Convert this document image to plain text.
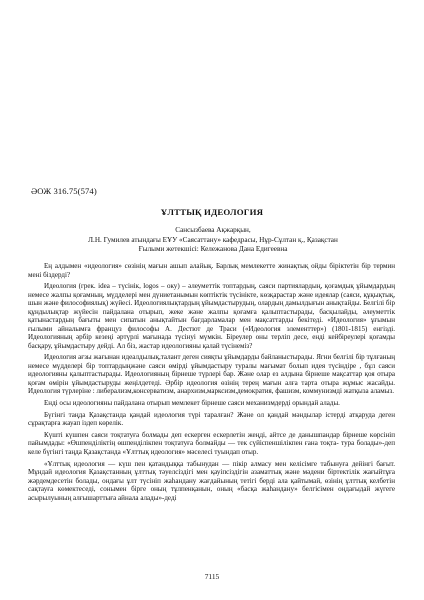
ӘОЖ 316.75(574)
ҰЛТТЫҚ ИДЕОЛОГИЯ
Сансызбаева Ақжарқын,
Л.Н. Гумилев атындағы ЕҰУ «Саясаттану» кафедрасы, Нұр-Сұлтан қ., Қазақстан
Ғылыми жетекшісі: Кележанова Дана Едигеевна

Ең алдымен «идеология» сөзінің мағын ашып алайық. Барлық мемлекетте жинақтық ойды біріктетін бір термин мені біздерді?

Идеология (грек. idea – түсінік, logos – оку) – әлеуметтік топтардың, саяси партиялардың, қоғамдық ұйымдардың немесе жалпы қоғамның, мүдделері мен дүниетанымын көптіктік түсінікте, көзқарастар және идеялар (саяси, құқықтық, шын және философиялық) жүйесі. Идеологиялықтардың ұйымдастырудың, олардың дамылдығын анықтайды. Белгілі бір құндылықтар жүйесін пайдалана отырып, жеке және жалпы қоғамға қалыптастырады, басқылайды, әлеуметтік қатынастардың бағыты мен сипатын анықтайтын бағдарламалар мен мақсаттарды бекітеді. «Идеология» ұғымын ғылыми айналымға француз философы А. Дестют де Траси («Идеология элементтер») (1801-1815) енгізді. Идеологияның әрбір кезеңі әртүрлі мағынада түсінуі мүмкін. Біреулер оны терліп десе, енді кейбіреулері қоғамды басқару, ұйымдастыру дейді. Ал біз, жастар идеологияны қалай түсінеміз?

Идеология ағзы жағынан идеалдылық,талант деген сияқты ұйымдарды байланыстырады. Ягни белгілі бір тұлғаның немесе мүдделері бір топтардыңжәне саяси өмірді ұйымдастыру туралы мағымат болып идея түсіндіре , бұл саяси идеологияны қалыптастырады. Идеологияның бірнеше түрлері бар. Және олар ез алдына бірнеше мақсаттар қоя отыра қоғам өмірін ұйымдастыруды жеңілдетеді. Әрбір идеология өзінің терең мағын алға тарта отыра жұмыс жасайды. Идеология түрлеріне : либерализм,консерватизм, анархизм,марксизм,демократия, фашизм, коммунизмді жатқыза аламыз.

Енді осы идеологияны пайдалана отырып мемлекет бірнеше саяси механизмдерді орындай алады.

Бүгінгі таңда Қазақстанда қандай идеология түрі таралған? Және ол қандай мәндылар істерді атқаруда деген сұрақтарға жауап іздеп көрелік.

Күшті күшпен саяси тоқтатуға болмады деп ескерген ескерлетін жеңді, айтсе де данышпандар бірнеше көрсініп пайымдады: «Өшпенділіктің өшпенділікпен тоқтатуға болмайды — тек сүйіспеншілікпен ғана тоқта- тура болады»-деп келе бүгінгі таңда Қазақстанда «Ұлттық идеология» мәселесі туындап отыр.

«Ұлттық идеология — күш пен қатандыққа табынудан — пікір алмасу мен келісімге табынуға дейінгі бағыт. Мұндай идеология Қазақстанның ұлттық тәуелсіздігі мен қауіпсіздігін азаматтық және мәдени біртектілік жағыйтұға жәрдемдесетін болады, ондағы ұлт түсініп жаһандану жағдайының тетігі берді ала қайтымай, өзінің ұлттық келбетін сақтауға көмектеседі, сонымен бірге оның тұлпенқанын, оның «басқа жаһандану» белгісімен оңдағыдай жүгеге асырылуының алғышарттыға айнала алады»-деді

7115
